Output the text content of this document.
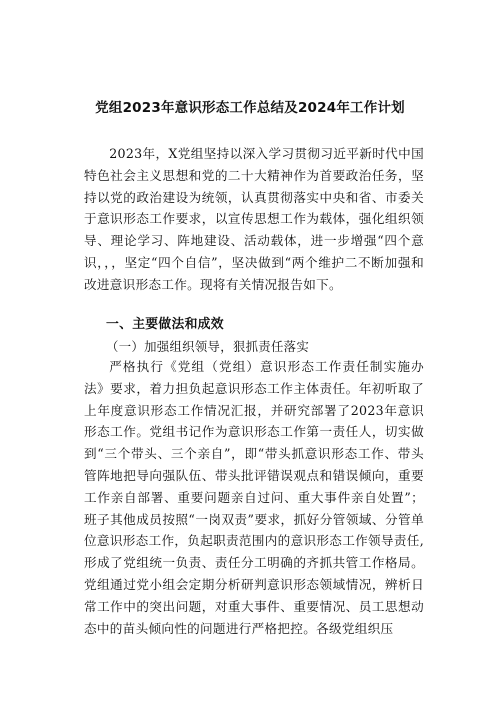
党组2023年意识形态工作总结及2024年工作计划

2023年，X党组坚持以深入学习贯彻习近平新时代中国特色社会主义思想和党的二十大精神作为首要政治任务，坚持以党的政治建设为统领，认真贯彻落实中央和省、市委关于意识形态工作要求，以宣传思想工作为载体，强化组织领导、理论学习、阵地建设、活动载体，进一步增强“四个意识，，，坚定“四个自信”，坚决做到“两个维护二不断加强和改进意识形态工作。现将有关情况报告如下。

一、主要做法和成效
（一）加强组织领导，狠抓责任落实

严格执行《党组（党组）意识形态工作责任制实施办法》要求，着力担负起意识形态工作主体责任。年初听取了上年度意识形态工作情况汇报，并研究部署了2023年意识形态工作。党组书记作为意识形态工作第一责任人，切实做到“三个带头、三个亲自”，即“带头抓意识形态工作、带头管阵地把导向强队伍、带头批评错误观点和错误倾向，重要工作亲自部署、重要问题亲自过问、重大事件亲自处置”；班子其他成员按照“一岗双责”要求，抓好分管领域、分管单位意识形态工作，负起职责范围内的意识形态工作领导责任,形成了党组统一负责、责任分工明确的齐抓共管工作格局。党组通过党小组会定期分析研判意识形态领域情况，辨析日常工作中的突出问题，对重大事件、重要情况、员工思想动态中的苗头倾向性的问题进行严格把控。各级党组织压
